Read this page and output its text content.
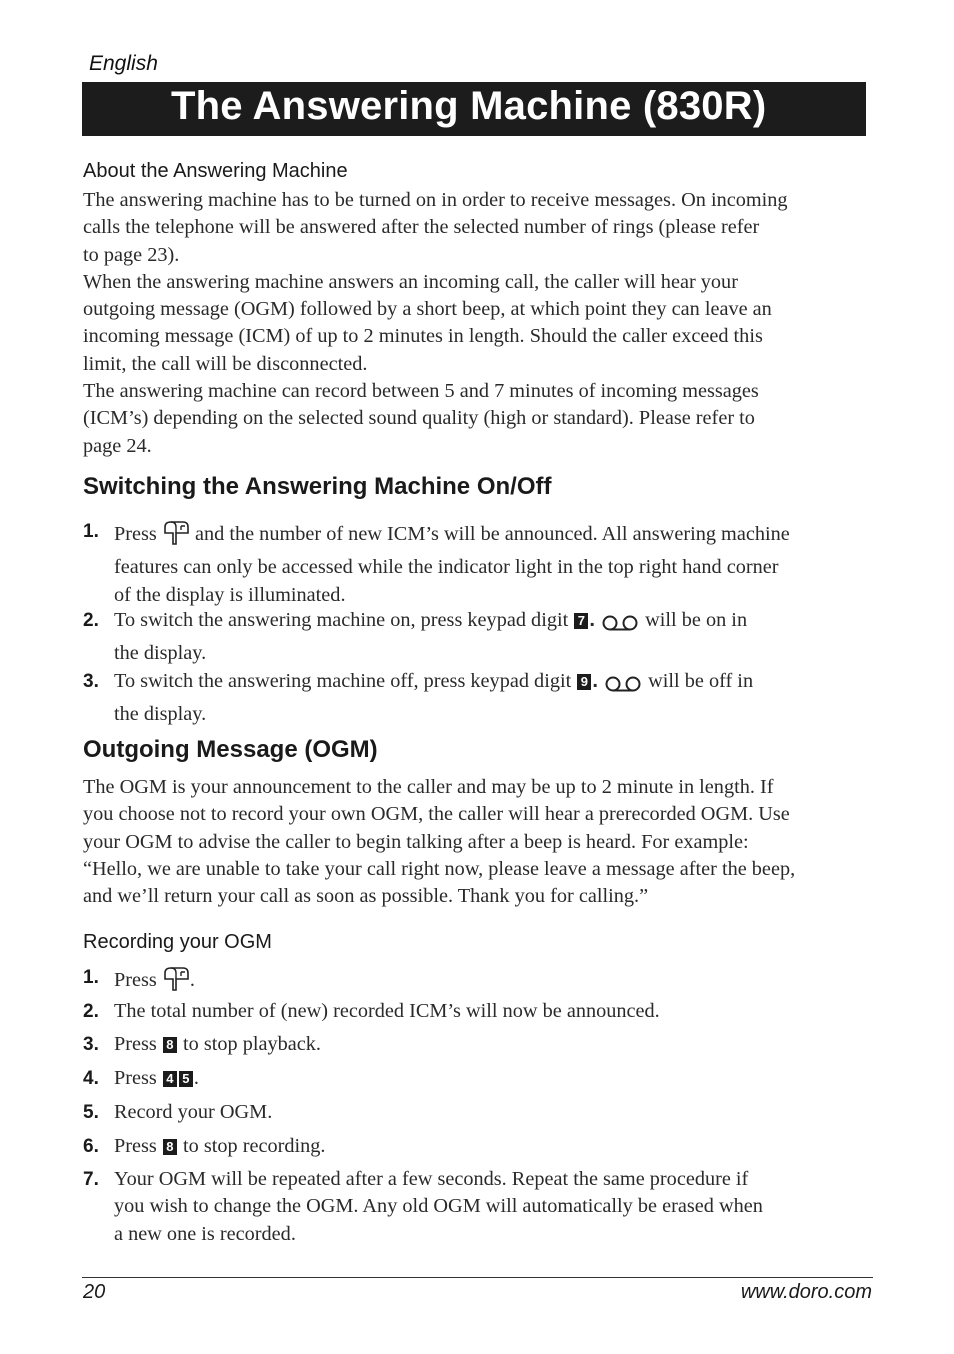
English
The Answering Machine (830R)
About the Answering Machine
The answering machine has to be turned on in order to receive messages. On incoming
calls the telephone will be answered after the selected number of rings (please refer
to page 23).
When the answering machine answers an incoming call, the caller will hear your
outgoing message (OGM) followed by a short beep, at which point they can leave an
incoming message (ICM) of up to 2 minutes in length. Should the caller exceed this
limit, the call will be disconnected.
The answering machine can record between 5 and 7 minutes of incoming messages
(ICM’s) depending on the selected sound quality (high or standard). Please refer to
page 24.
Switching the Answering Machine On/Off
1. Press and the number of new ICM’s will be announced. All answering machine
features can only be accessed while the indicator light in the top right hand corner
of the display is illuminated.
2. To switch the answering machine on, press keypad digit 7 . will be on in
the display.
3. To switch the answering machine off, press keypad digit 9 . will be off in
the display.
Outgoing Message (OGM)
The OGM is your announcement to the caller and may be up to 2 minute in length. If
you choose not to record your own OGM, the caller will hear a prerecorded OGM. Use
your OGM to advise the caller to begin talking after a beep is heard. For example:
“Hello, we are unable to take your call right now, please leave a message after the beep,
and we’ll return your call as soon as possible. Thank you for calling.”
Recording your OGM
1. Press .
2. The total number of (new) recorded ICM’s will now be announced.
3. Press 8 to stop playback.
4. Press 4 5 .
5. Record your OGM.
6. Press 8 to stop recording.
7. Your OGM will be repeated after a few seconds. Repeat the same procedure if
you wish to change the OGM. Any old OGM will automatically be erased when
a new one is recorded.
20	www.doro.com
